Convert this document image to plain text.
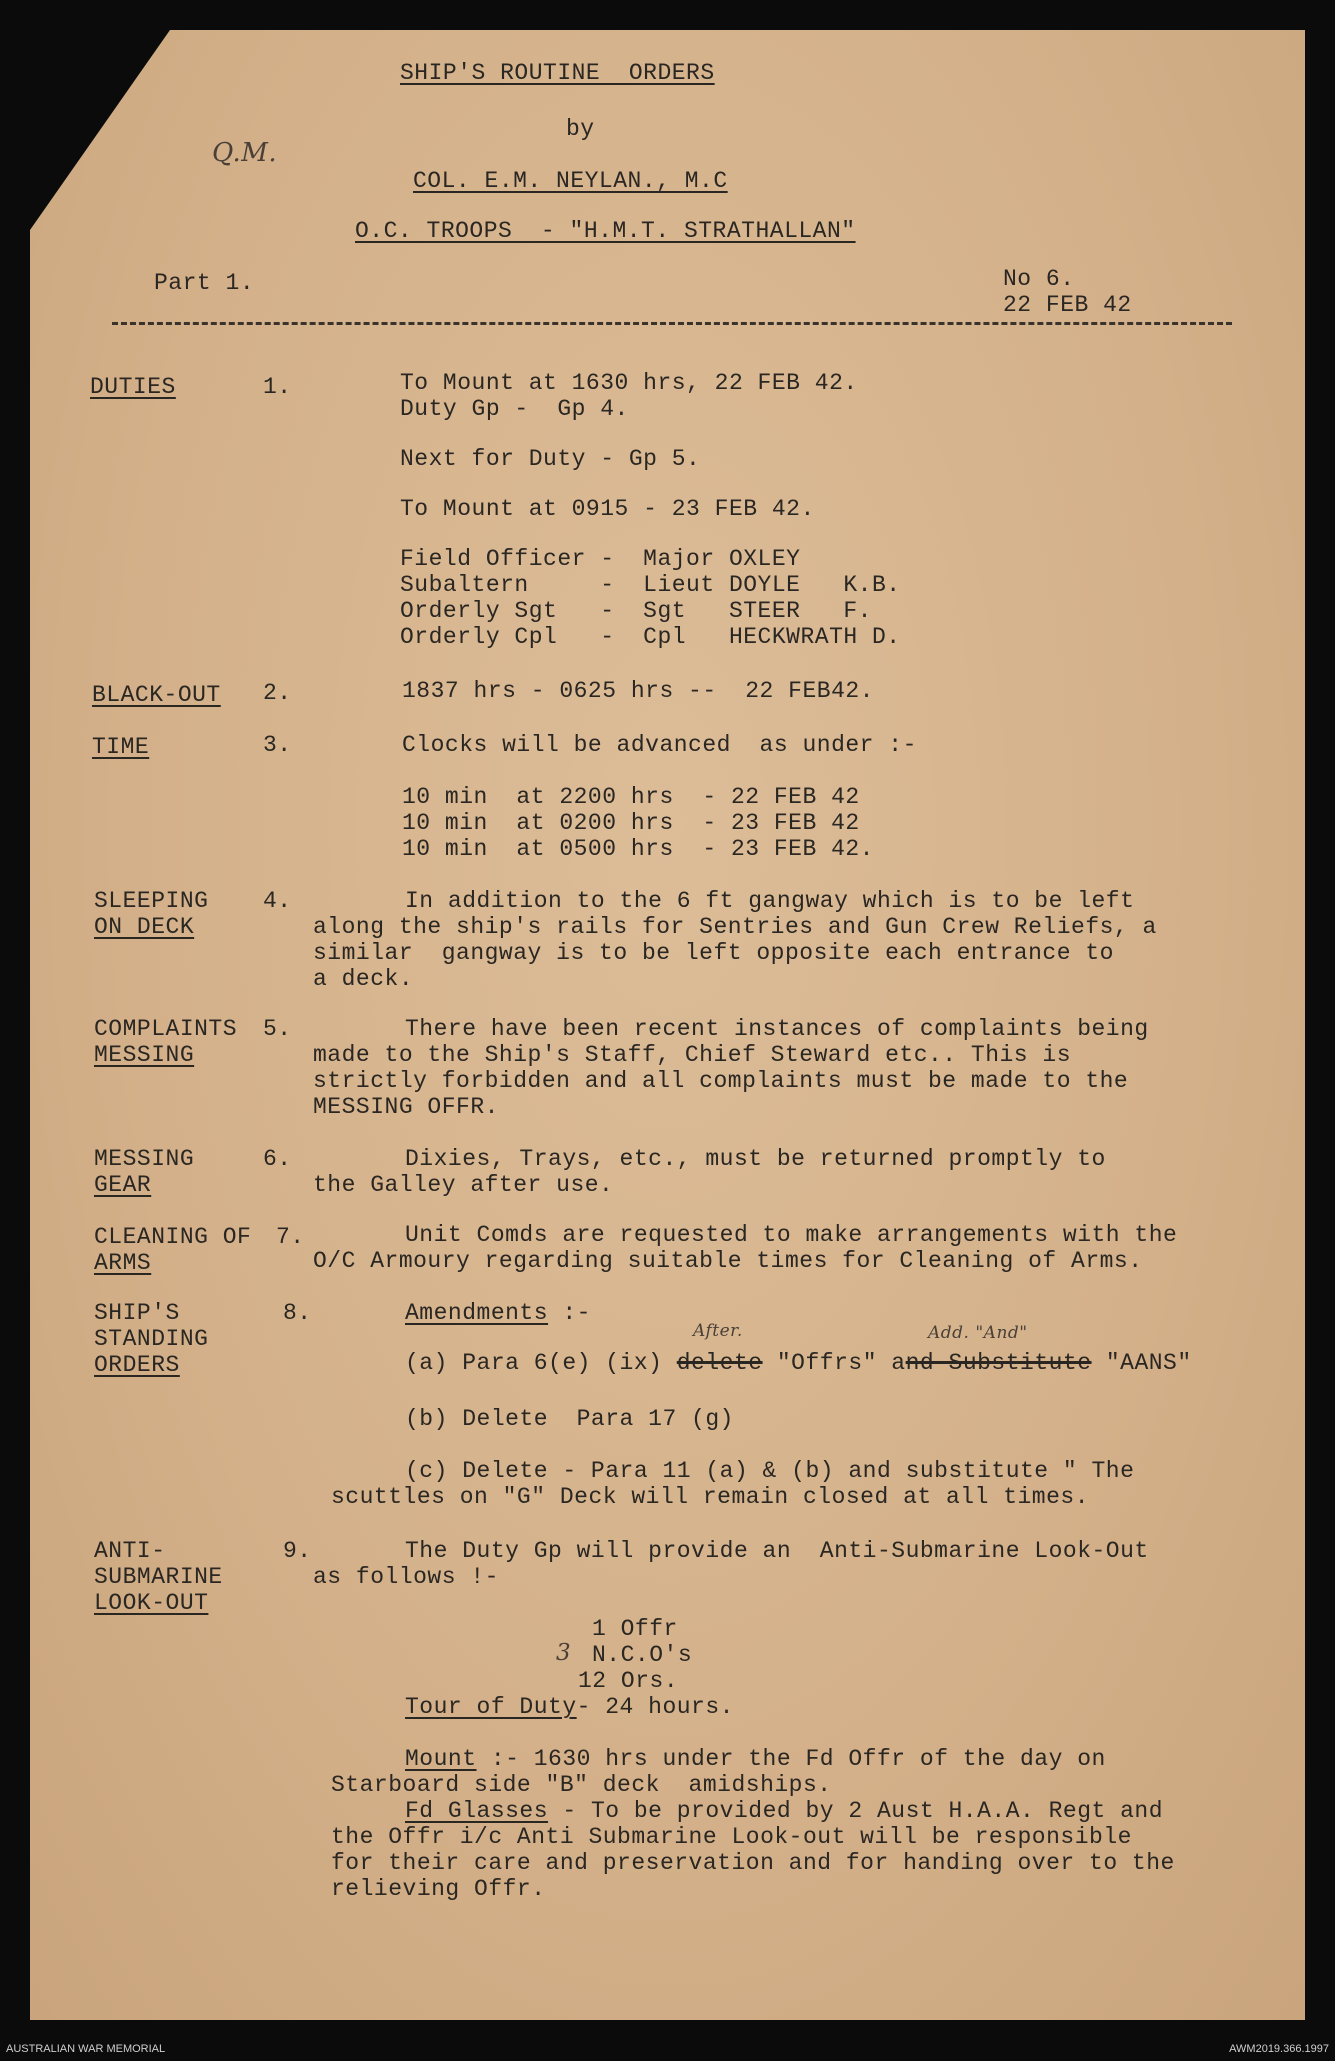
SHIP'S ROUTINE  ORDERS
by
Q.M.
COL. E.M. NEYLAN., M.C
O.C. TROOPS  - "H.M.T. STRATHALLAN"
Part 1.	No 6.
22 FEB 42
DUTIES	1.	To Mount at 1630 hrs, 22 FEB 42.
Duty Gp -  Gp 4.
Next for Duty - Gp 5.
To Mount at 0915 - 23 FEB 42.
Field Officer -  Major OXLEY
Subaltern     -  Lieut DOYLE   K.B.
Orderly Sgt   -  Sgt   STEER   F.
Orderly Cpl   -  Cpl   HECKWRATH D.
BLACK-OUT 2.	1837 hrs - 0625 hrs --  22 FEB42.
TIME	3.	Clocks will be advanced  as under :-
10 min  at 2200 hrs  - 22 FEB 42
10 min  at 0200 hrs  - 23 FEB 42
10 min  at 0500 hrs  - 23 FEB 42.
SLEEPING
ON DECK
4.	In addition to the 6 ft gangway which is to be left
along the ship's rails for Sentries and Gun Crew Reliefs, a
similar  gangway is to be left opposite each entrance to
a deck.
COMPLAINTS
MESSING
5.	There have been recent instances of complaints being
made to the Ship's Staff, Chief Steward etc.. This is
strictly forbidden and all complaints must be made to the
MESSING OFFR.
MESSING
GEAR
6.	Dixies, Trays, etc., must be returned promptly to
the Galley after use.
CLEANING OF
ARMS
7.	Unit Comds are requested to make arrangements with the
O/C Armoury regarding suitable times for Cleaning of Arms.
SHIP'S
STANDING
ORDERS
8.	Amendments :-
After.	Add. "And"
(a) Para 6(e) (ix) delete "Offrs" and Substitute "AANS"
(b) Delete  Para 17 (g)
(c) Delete - Para 11 (a) & (b) and substitute " The
scuttles on "G" Deck will remain closed at all times.
ANTI-
SUBMARINE
LOOK-OUT
9.	The Duty Gp will provide an  Anti-Submarine Look-Out
as follows !-
1 Offr
3 N.C.O's
12 Ors.
Tour of Duty- 24 hours.
Mount :- 1630 hrs under the Fd Offr of the day on
Starboard side "B" deck  amidships.
Fd Glasses - To be provided by 2 Aust H.A.A. Regt and
the Offr i/c Anti Submarine Look-out will be responsible
for their care and preservation and for handing over to the
relieving Offr.
AUSTRALIAN WAR MEMORIAL	AWM2019.366.1997
